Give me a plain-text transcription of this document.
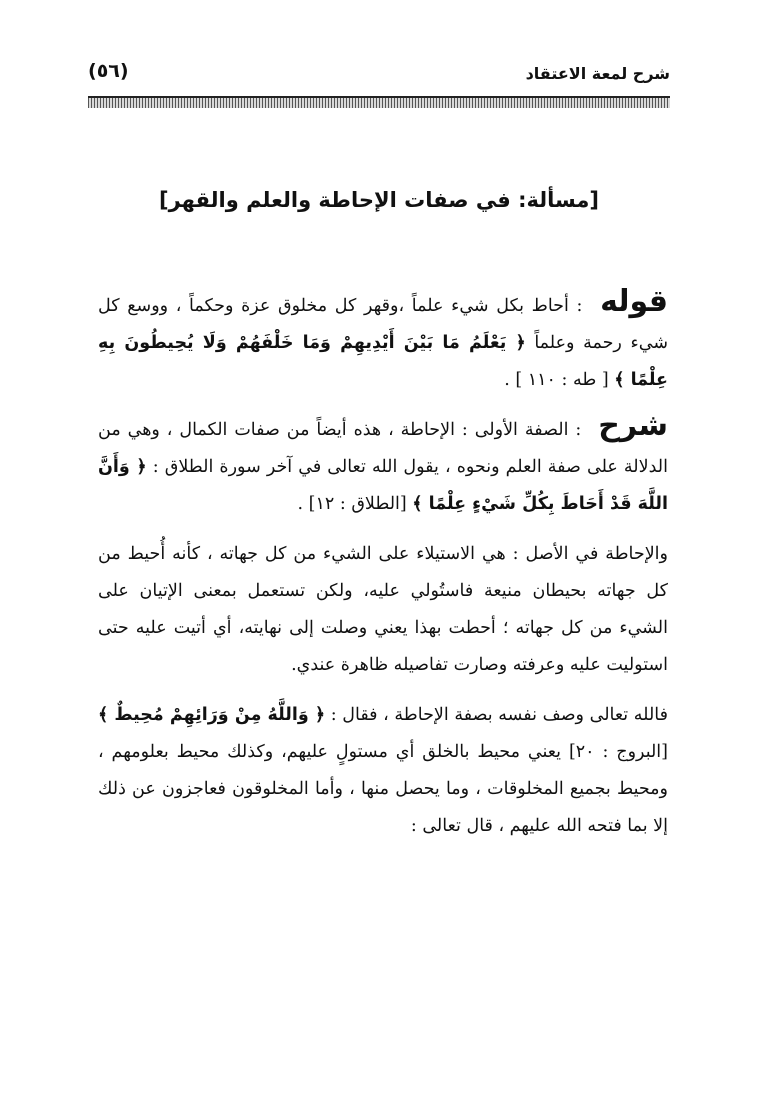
شرح لمعة الاعتقاد
(٥٦)
[مسألة: في صفات الإحاطة والعلم والقهر]

قوله : أحاط بكل شيء علماً ،وقهر كل مخلوق عزة وحكماً ، ووسع كل شيء رحمة وعلماً ﴿ يَعْلَمُ مَا بَيْنَ أَيْدِيهِمْ وَمَا خَلْفَهُمْ وَلَا يُحِيطُونَ بِهِ عِلْمًا ﴾ [ طه : ١١٠ ] .

شرح : الصفة الأولى : الإحاطة ، هذه أيضاً من صفات الكمال ، وهي من الدلالة على صفة العلم ونحوه ، يقول الله تعالى في آخر سورة الطلاق : ﴿ وَأَنَّ اللَّهَ قَدْ أَحَاطَ بِكُلِّ شَيْءٍ عِلْمًا ﴾ [الطلاق : ١٢] .

والإحاطة في الأصل : هي الاستيلاء على الشيء من كل جهاته ، كأنه أُحيط من كل جهاته بحيطان منيعة فاستُولي عليه، ولكن تستعمل بمعنى الإتيان على الشيء من كل جهاته ؛ أحطت بهذا يعني وصلت إلى نهايته، أي أتيت عليه حتى استوليت عليه وعرفته وصارت تفاصيله ظاهرة عندي.

فالله تعالى وصف نفسه بصفة الإحاطة ، فقال : ﴿ وَاللَّهُ مِنْ وَرَائِهِمْ مُحِيطٌ ﴾ [البروج : ٢٠] يعني محيط بالخلق أي مستولٍ عليهم، وكذلك محيط بعلومهم ، ومحيط بجميع المخلوقات ، وما يحصل منها ، وأما المخلوقون فعاجزون عن ذلك إلا بما فتحه الله عليهم ، قال تعالى :
